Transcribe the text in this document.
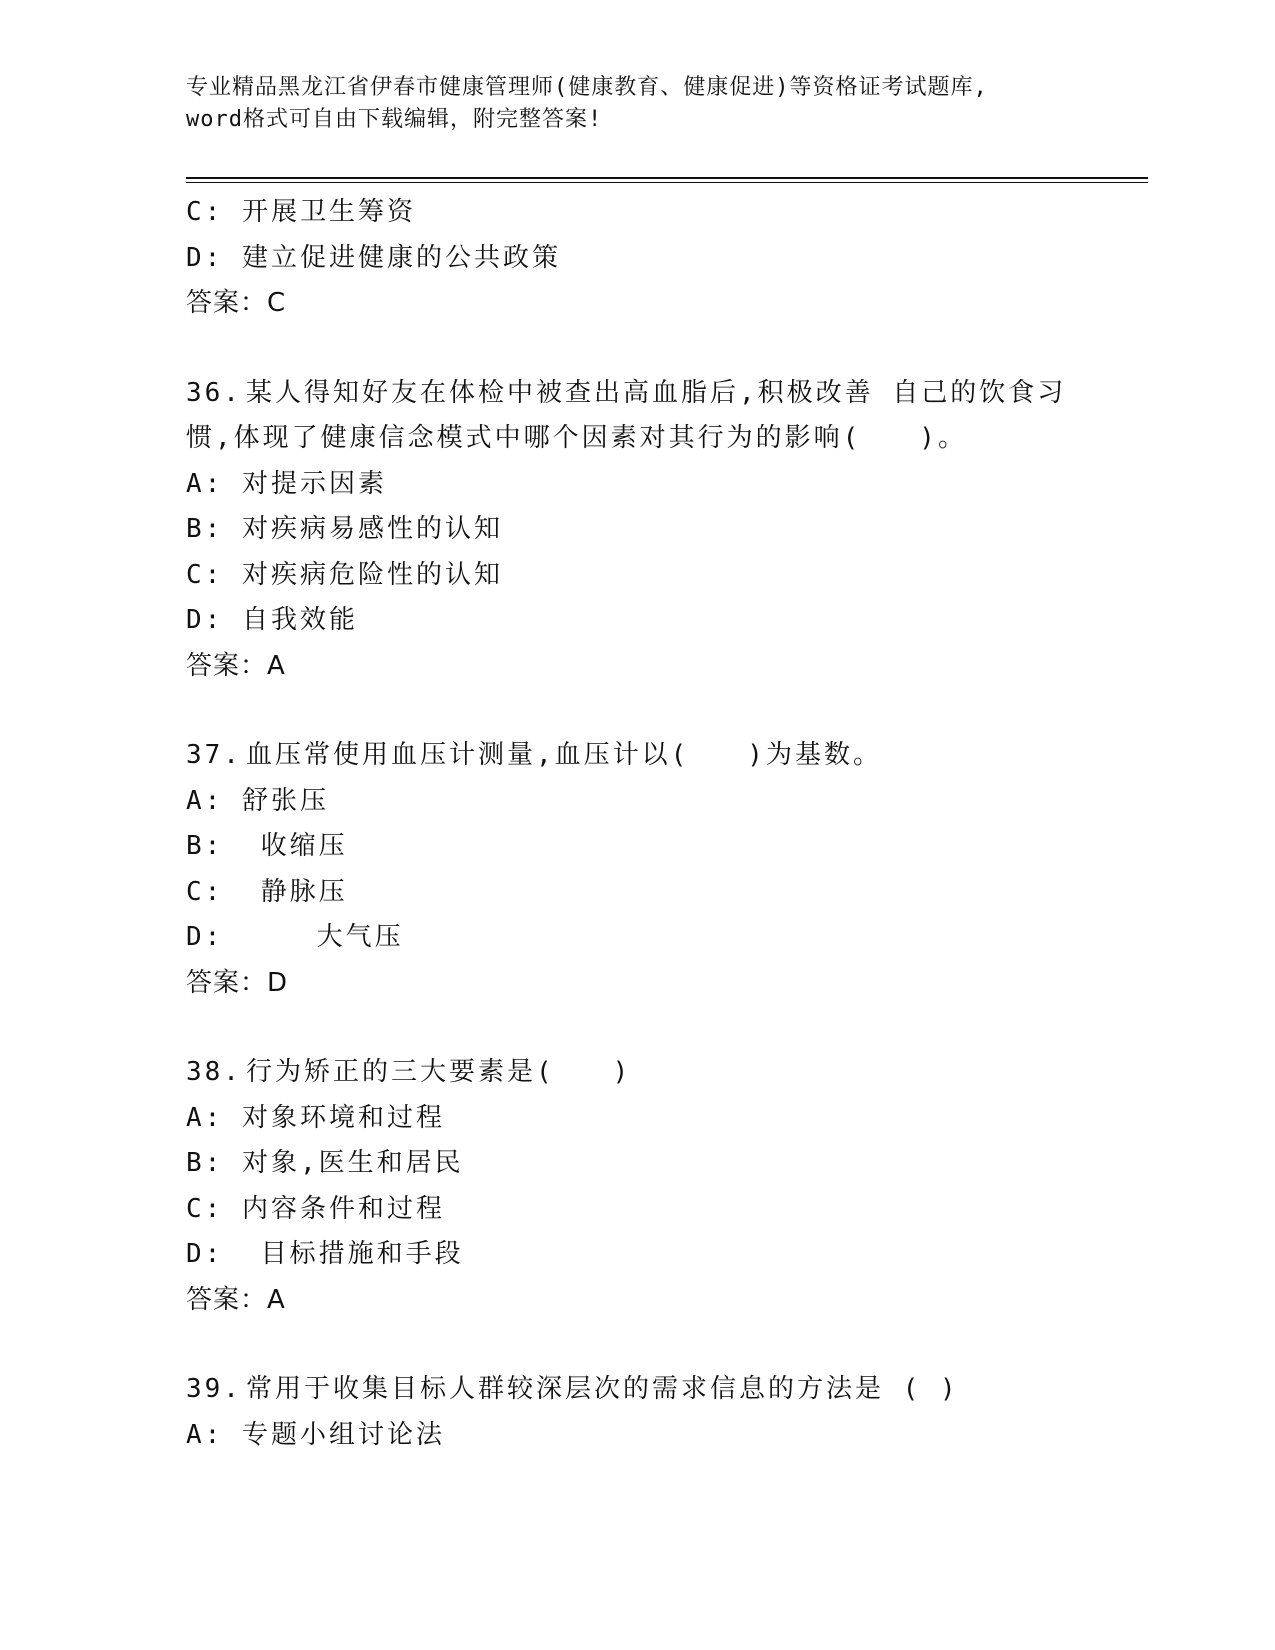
专业精品黑龙江省伊春市健康管理师(健康教育、健康促进)等资格证考试题库,
word格式可自由下载编辑，附完整答案!
C: 开展卫生筹资
D: 建立促进健康的公共政策
答案：C
36. 某人得知好友在体检中被查出高血脂后,积极改善 自己的饮食习
惯,体现了健康信念模式中哪个因素对其行为的影响(　　)。
A: 对提示因素
B: 对疾病易感性的认知
C: 对疾病危险性的认知
D: 自我效能
答案：A
37. 血压常使用血压计测量,血压计以(　　)为基数。
A: 舒张压
B:  收缩压
C:  静脉压
D:     大气压
答案：D
38. 行为矫正的三大要素是(　　)
A: 对象环境和过程
B: 对象,医生和居民
C: 内容条件和过程
D:  目标措施和手段
答案：A
39. 常用于收集目标人群较深层次的需求信息的方法是 ( )
A: 专题小组讨论法
